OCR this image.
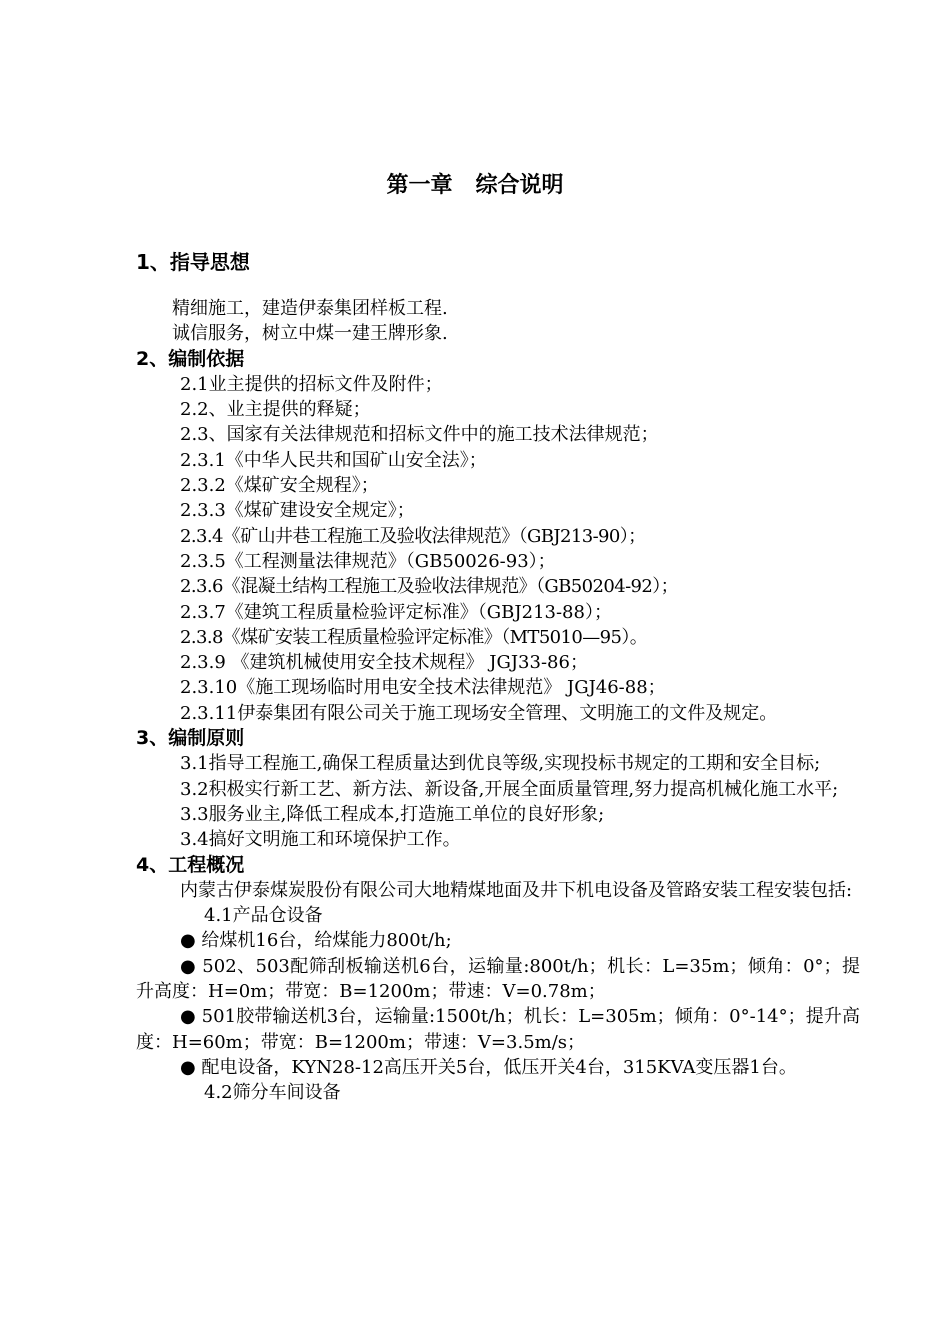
第一章   综合说明
1、指导思想

精细施工，建造伊泰集团样板工程.

诚信服务，树立中煤一建王牌形象.

2、编制依据

2.1业主提供的招标文件及附件；

2.2、业主提供的释疑；

2.3、国家有关法律规范和招标文件中的施工技术法律规范；

2.3.1《中华人民共和国矿山安全法》；

2.3.2《煤矿安全规程》；

2.3.3《煤矿建设安全规定》；

2.3.4《矿山井巷工程施工及验收法律规范》（GBJ213-90）；

2.3.5《工程测量法律规范》（GB50026-93）；

2.3.6《混凝土结构工程施工及验收法律规范》（GB50204-92）；

2.3.7《建筑工程质量检验评定标准》（GBJ213-88）；

2.3.8《煤矿安装工程质量检验评定标准》（MT5010—95）。

2.3.9 《建筑机械使用安全技术规程》 JGJ33-86；

2.3.10《施工现场临时用电安全技术法律规范》 JGJ46-88；

2.3.11伊泰集团有限公司关于施工现场安全管理、文明施工的文件及规定。

3、编制原则

3.1指导工程施工,确保工程质量达到优良等级,实现投标书规定的工期和安全目标;

3.2积极实行新工艺、新方法、新设备,开展全面质量管理,努力提高机械化施工水平;

3.3服务业主,降低工程成本,打造施工单位的良好形象;

3.4搞好文明施工和环境保护工作。

4、工程概况

内蒙古伊泰煤炭股份有限公司大地精煤地面及井下机电设备及管路安装工程安装包括:

4.1产品仓设备

● 给煤机16台，给煤能力800t/h;

● 502、503配筛刮板输送机6台，运输量:800t/h；机长：L=35m；倾角：0°；提升高度：H=0m；带宽：B=1200m；带速：V=0.78m；

● 501胶带输送机3台，运输量:1500t/h；机长：L=305m；倾角：0°-14°；提升高度：H=60m；带宽：B=1200m；带速：V=3.5m/s；

● 配电设备，KYN28-12高压开关5台，低压开关4台，315KVA变压器1台。

4.2筛分车间设备
